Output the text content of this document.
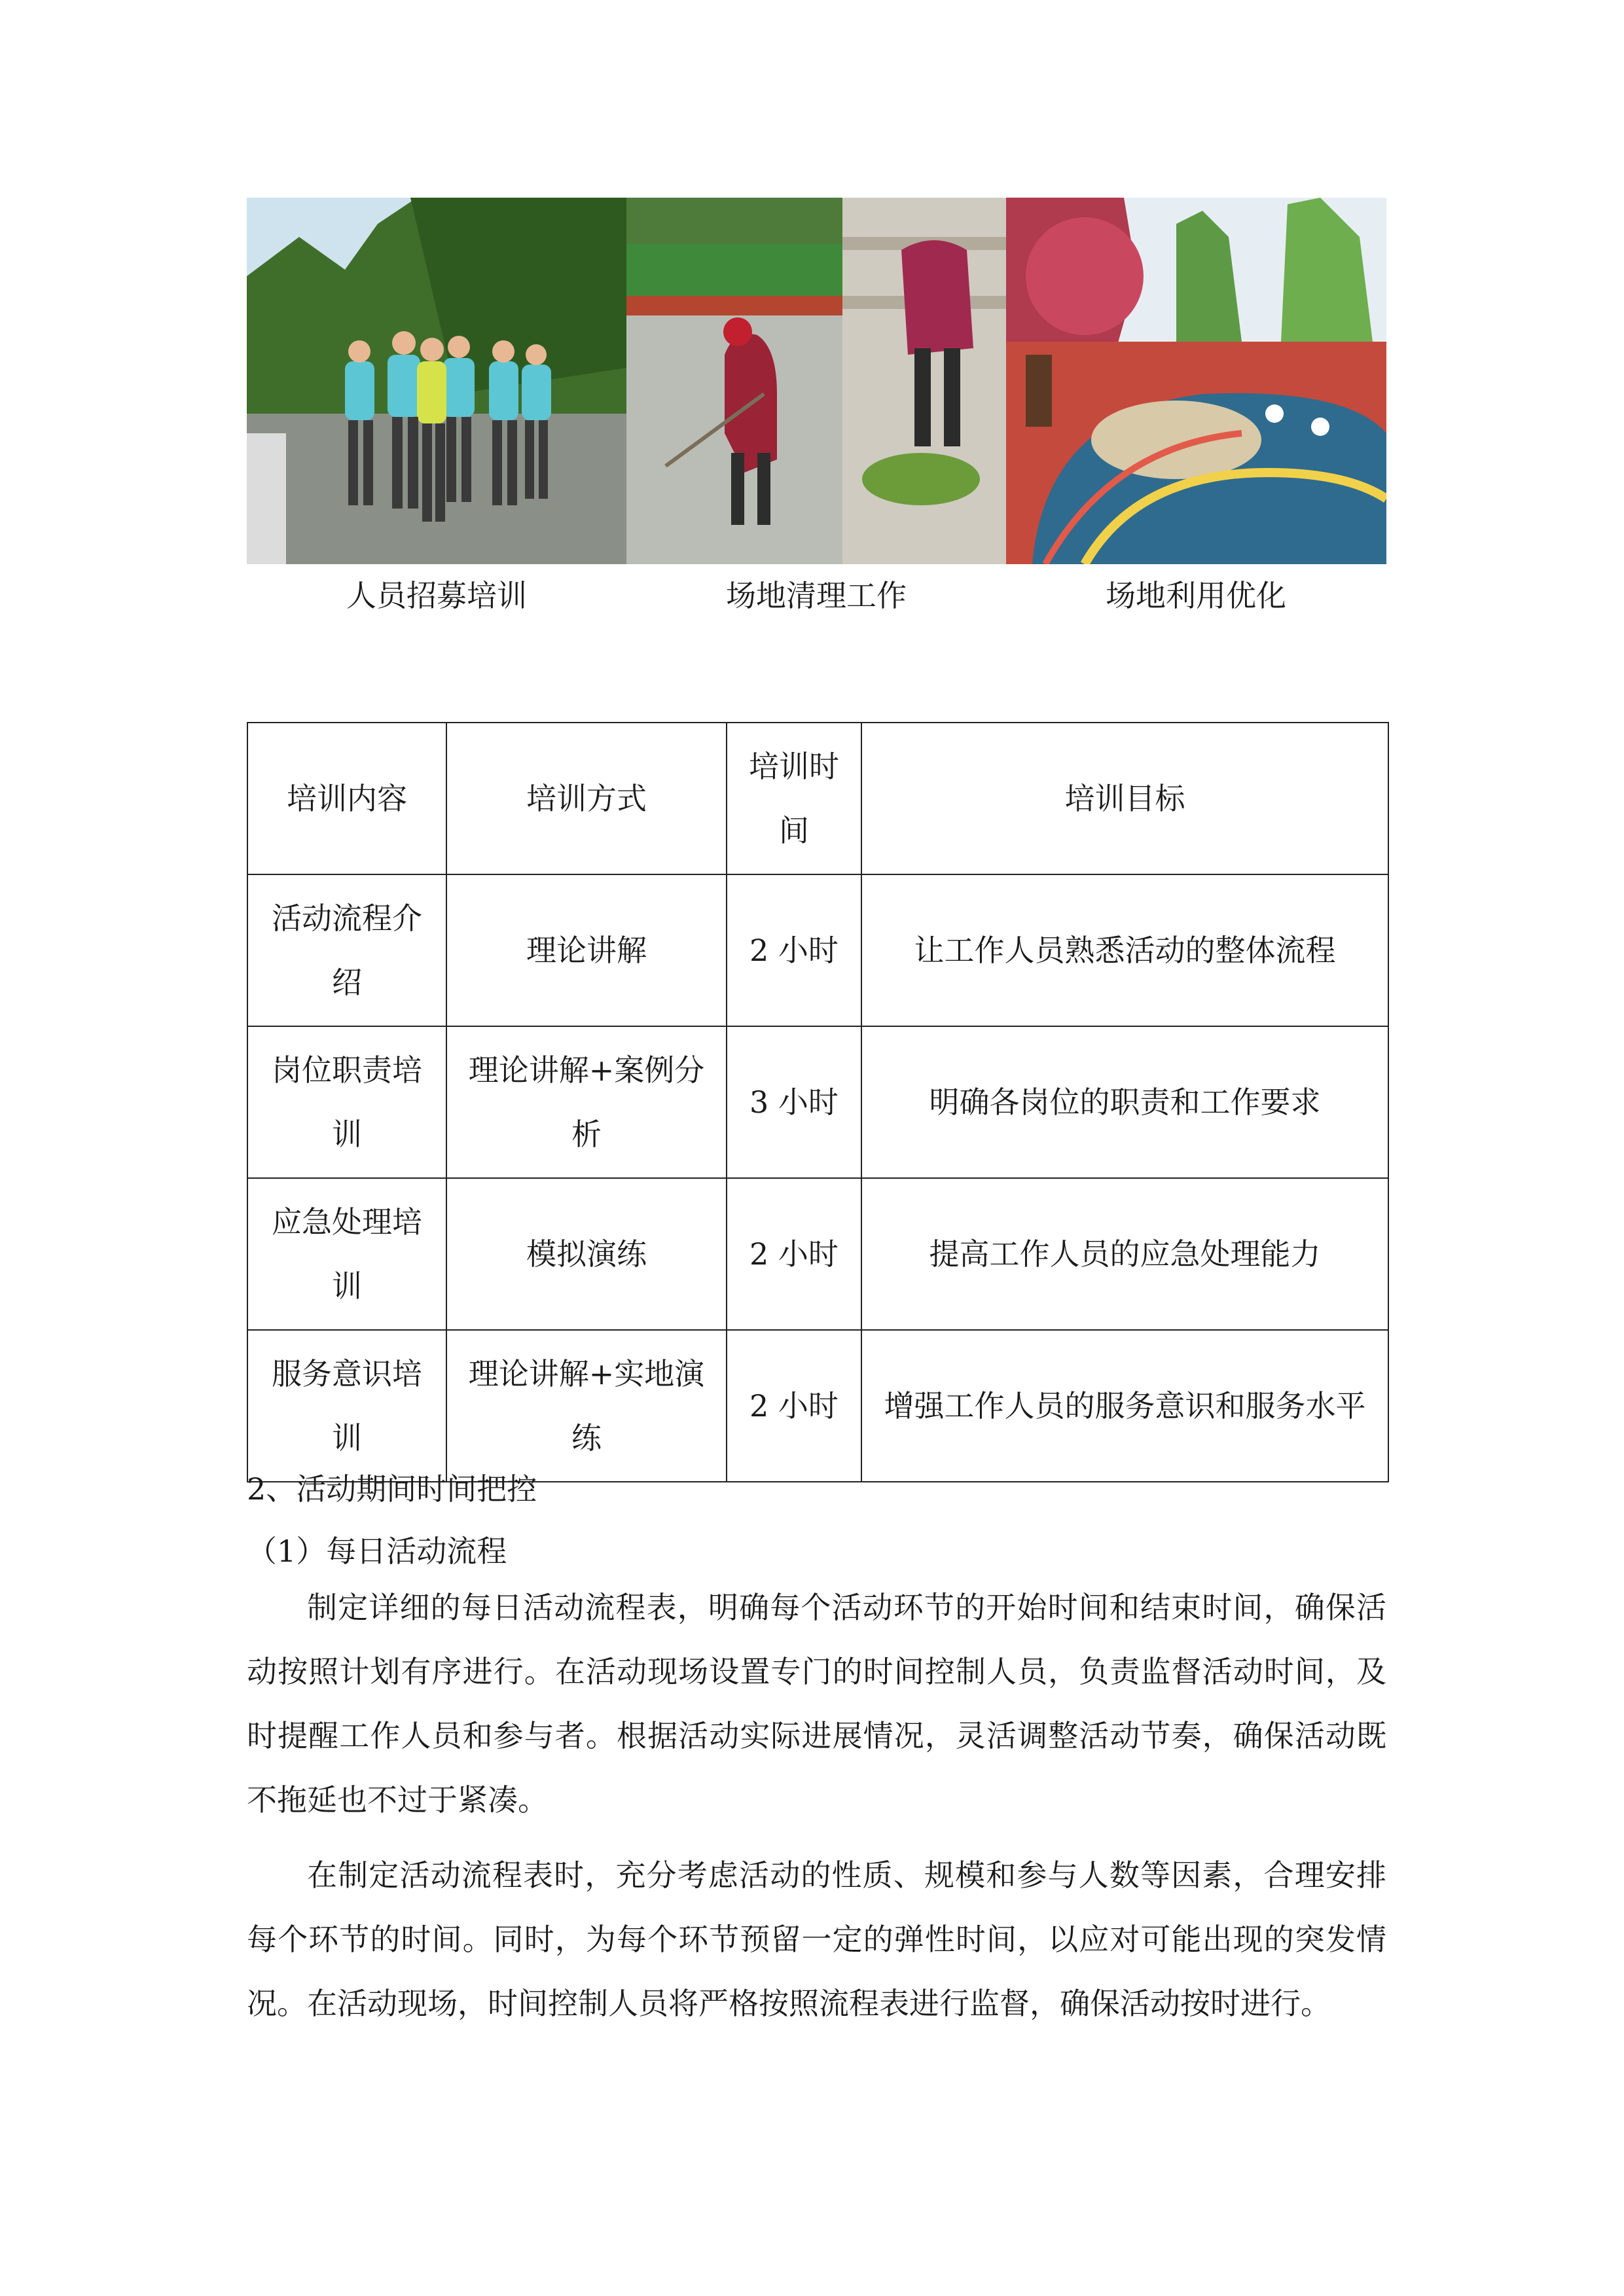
人员招募培训	场地清理工作	场地利用优化
培训内容	培训方式	培训时间	培训目标
活动流程介绍	理论讲解	2 小时	让工作人员熟悉活动的整体流程
岗位职责培训	理论讲解+案例分析	3 小时	明确各岗位的职责和工作要求
应急处理培训	模拟演练	2 小时	提高工作人员的应急处理能力
服务意识培训	理论讲解+实地演练	2 小时	增强工作人员的服务意识和服务水平
2、活动期间时间把控
（1）每日活动流程
制定详细的每日活动流程表，明确每个活动环节的开始时间和结束时间，确保活动按照计划有序进行。在活动现场设置专门的时间控制人员，负责监督活动时间，及时提醒工作人员和参与者。根据活动实际进展情况，灵活调整活动节奏，确保活动既不拖延也不过于紧凑。
在制定活动流程表时，充分考虑活动的性质、规模和参与人数等因素，合理安排每个环节的时间。同时，为每个环节预留一定的弹性时间，以应对可能出现的突发情况。在活动现场，时间控制人员将严格按照流程表进行监督，确保活动按时进行。
